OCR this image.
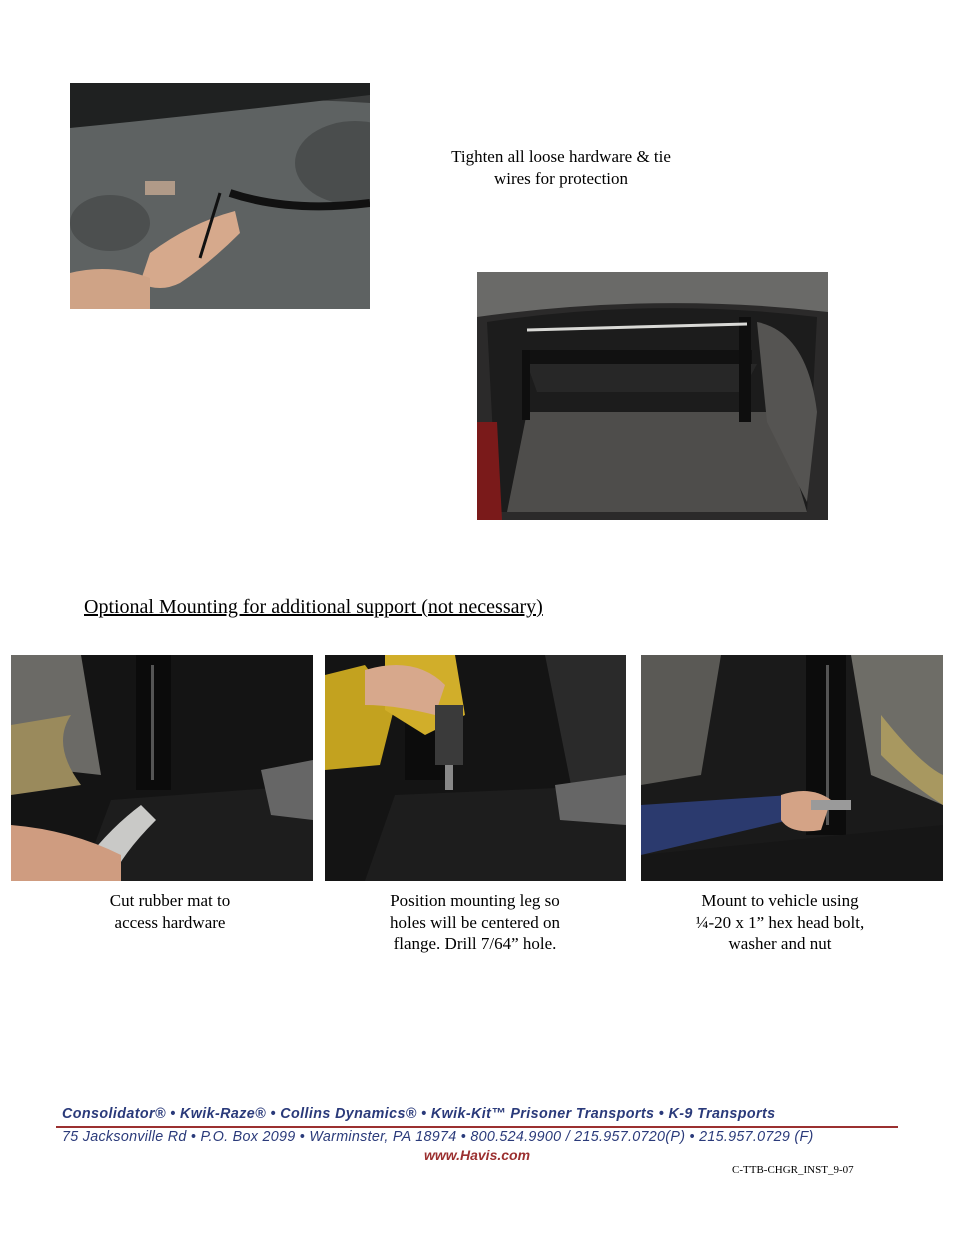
Tighten all loose hardware & tie
wires for protection
Optional Mounting for additional support (not necessary)
Cut rubber mat to
access hardware
Position mounting leg so
holes will be centered on
flange. Drill 7/64” hole.
Mount to vehicle using
¼-20 x 1” hex head bolt,
washer and nut
Consolidator® • Kwik-Raze® • Collins Dynamics® • Kwik-Kit™ Prisoner Transports • K-9 Transports
75 Jacksonville Rd • P.O. Box 2099 • Warminster, PA 18974 • 800.524.9900 / 215.957.0720(P) • 215.957.0729 (F)
www.Havis.com
C-TTB-CHGR_INST_9-07
